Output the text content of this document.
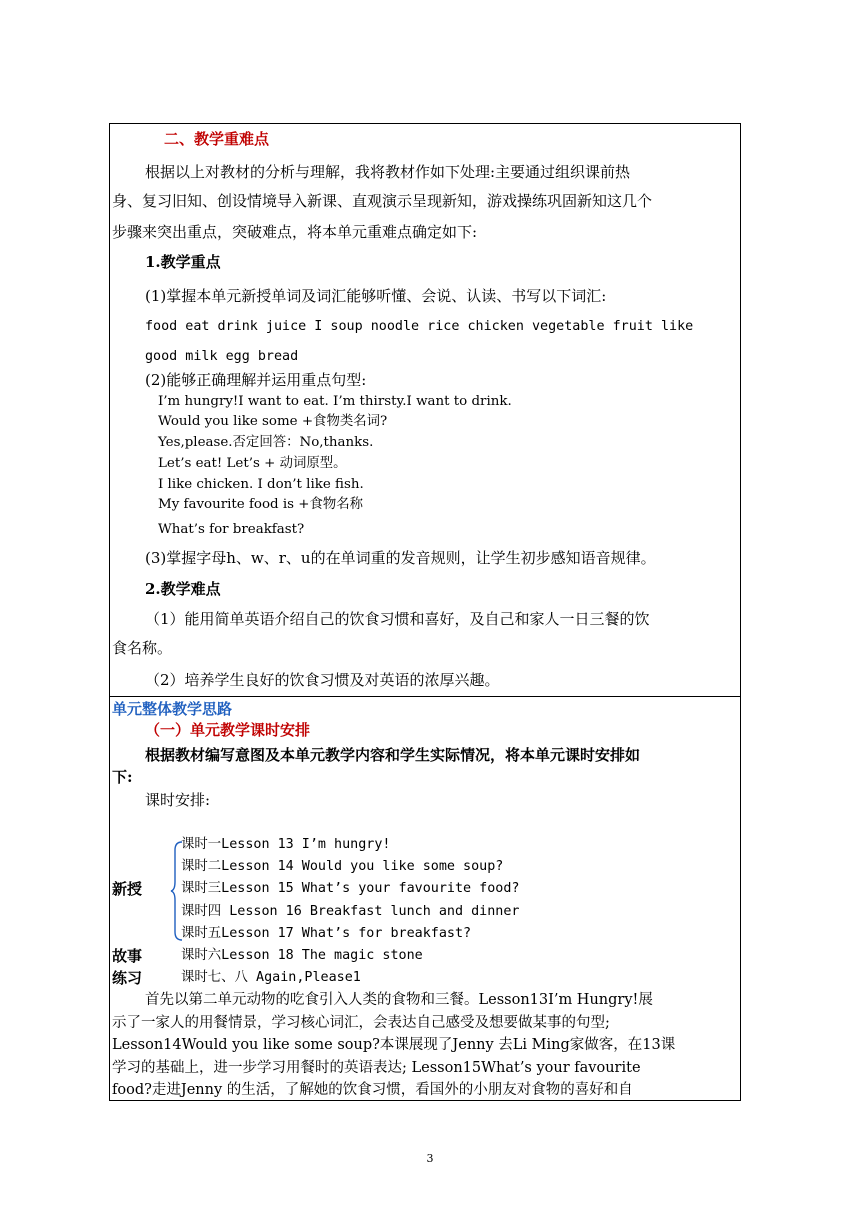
二、教学重难点
根据以上对教材的分析与理解，我将教材作如下处理:主要通过组织课前热
身、复习旧知、创设情境导入新课、直观演示呈现新知，游戏操练巩固新知这几个
步骤来突出重点，突破难点，将本单元重难点确定如下:
1.教学重点
(1)掌握本单元新授单词及词汇能够听懂、会说、认读、书写以下词汇:
food eat drink juice I soup noodle rice chicken vegetable fruit like
good milk egg bread
(2)能够正确理解并运用重点句型:
I’m hungry!I want to eat. I’m thirsty.I want to drink.
Would you like some +食物类名词?
Yes,please.否定回答：No,thanks.
Let’s eat! Let’s + 动词原型。
I like chicken. I don’t like fish.
My favourite food is +食物名称
What’s for breakfast?
(3)掌握字母h、w、r、u的在单词重的发音规则，让学生初步感知语音规律。
2.教学难点
（1）能用简单英语介绍自己的饮食习惯和喜好，及自己和家人一日三餐的饮
食名称。
（2）培养学生良好的饮食习惯及对英语的浓厚兴趣。
单元整体教学思路
（一）单元教学课时安排
根据教材编写意图及本单元教学内容和学生实际情况，将本单元课时安排如
下:
课时安排:
课时一Lesson 13 I’m hungry!
课时二Lesson 14 Would you like some soup?
新授	课时三Lesson 15 What’s your favourite food?
课时四 Lesson 16 Breakfast lunch and dinner
课时五Lesson 17 What’s for breakfast?
故事	课时六Lesson 18 The magic stone
练习	课时七、八 Again,Please1
首先以第二单元动物的吃食引入人类的食物和三餐。Lesson13I’m Hungry!展
示了一家人的用餐情景，学习核心词汇，会表达自己感受及想要做某事的句型;
Lesson14Would you like some soup?本课展现了Jenny 去Li Ming家做客，在13课
学习的基础上，进一步学习用餐时的英语表达; Lesson15What’s your favourite
food?走进Jenny 的生活，了解她的饮食习惯，看国外的小朋友对食物的喜好和自
3
